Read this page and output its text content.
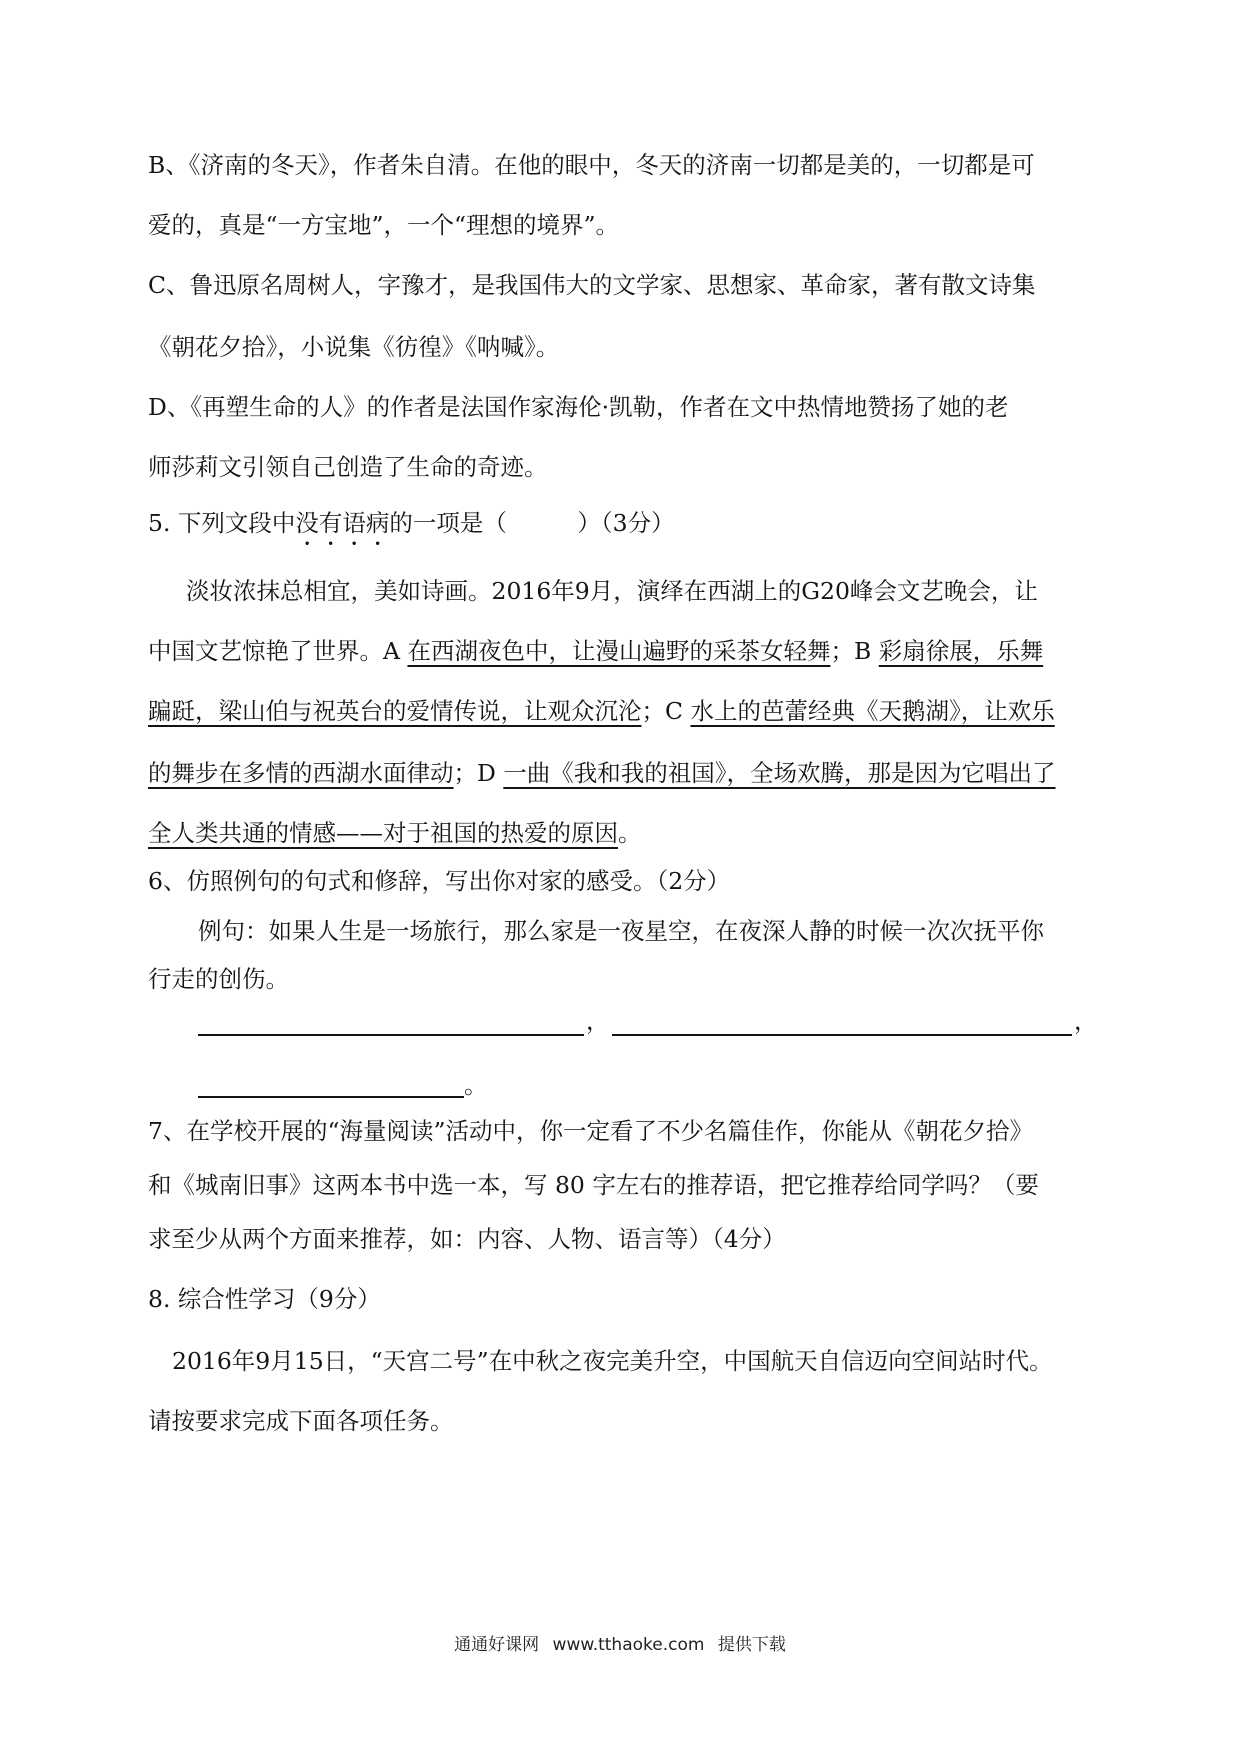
B、《济南的冬天》，作者朱自清。在他的眼中，冬天的济南一切都是美的，一切都是可
爱的，真是“一方宝地”，一个“理想的境界”。
C、鲁迅原名周树人，字豫才，是我国伟大的文学家、思想家、革命家，著有散文诗集
《朝花夕拾》，小说集《彷徨》《呐喊》。
D、《再塑生命的人》的作者是法国作家海伦·凯勒，作者在文中热情地赞扬了她的老
师莎莉文引领自己创造了生命的奇迹。
5. 下列文段中没有语病的一项是（　　　）（3分）
淡妆浓抹总相宜，美如诗画。2016年9月，演绎在西湖上的G20峰会文艺晚会，让
中国文艺惊艳了世界。A 在西湖夜色中，让漫山遍野的采茶女轻舞；B 彩扇徐展，乐舞
蹁跹，梁山伯与祝英台的爱情传说，让观众沉沦；C 水上的芭蕾经典《天鹅湖》，让欢乐
的舞步在多情的西湖水面律动；D 一曲《我和我的祖国》，全场欢腾，那是因为它唱出了
全人类共通的情感——对于祖国的热爱的原因。
6、仿照例句的句式和修辞，写出你对家的感受。（2分）
例句：如果人生是一场旅行，那么家是一夜星空，在夜深人静的时候一次次抚平你
行走的创伤。
，	，
。
7、在学校开展的“海量阅读”活动中，你一定看了不少名篇佳作，你能从《朝花夕拾》
和《城南旧事》这两本书中选一本，写 80 字左右的推荐语，把它推荐给同学吗？（要
求至少从两个方面来推荐，如：内容、人物、语言等）（4分）
8. 综合性学习（9分）
2016年9月15日，“天宫二号”在中秋之夜完美升空，中国航天自信迈向空间站时代。
请按要求完成下面各项任务。
通通好课网 www.tthaoke.com 提供下载
